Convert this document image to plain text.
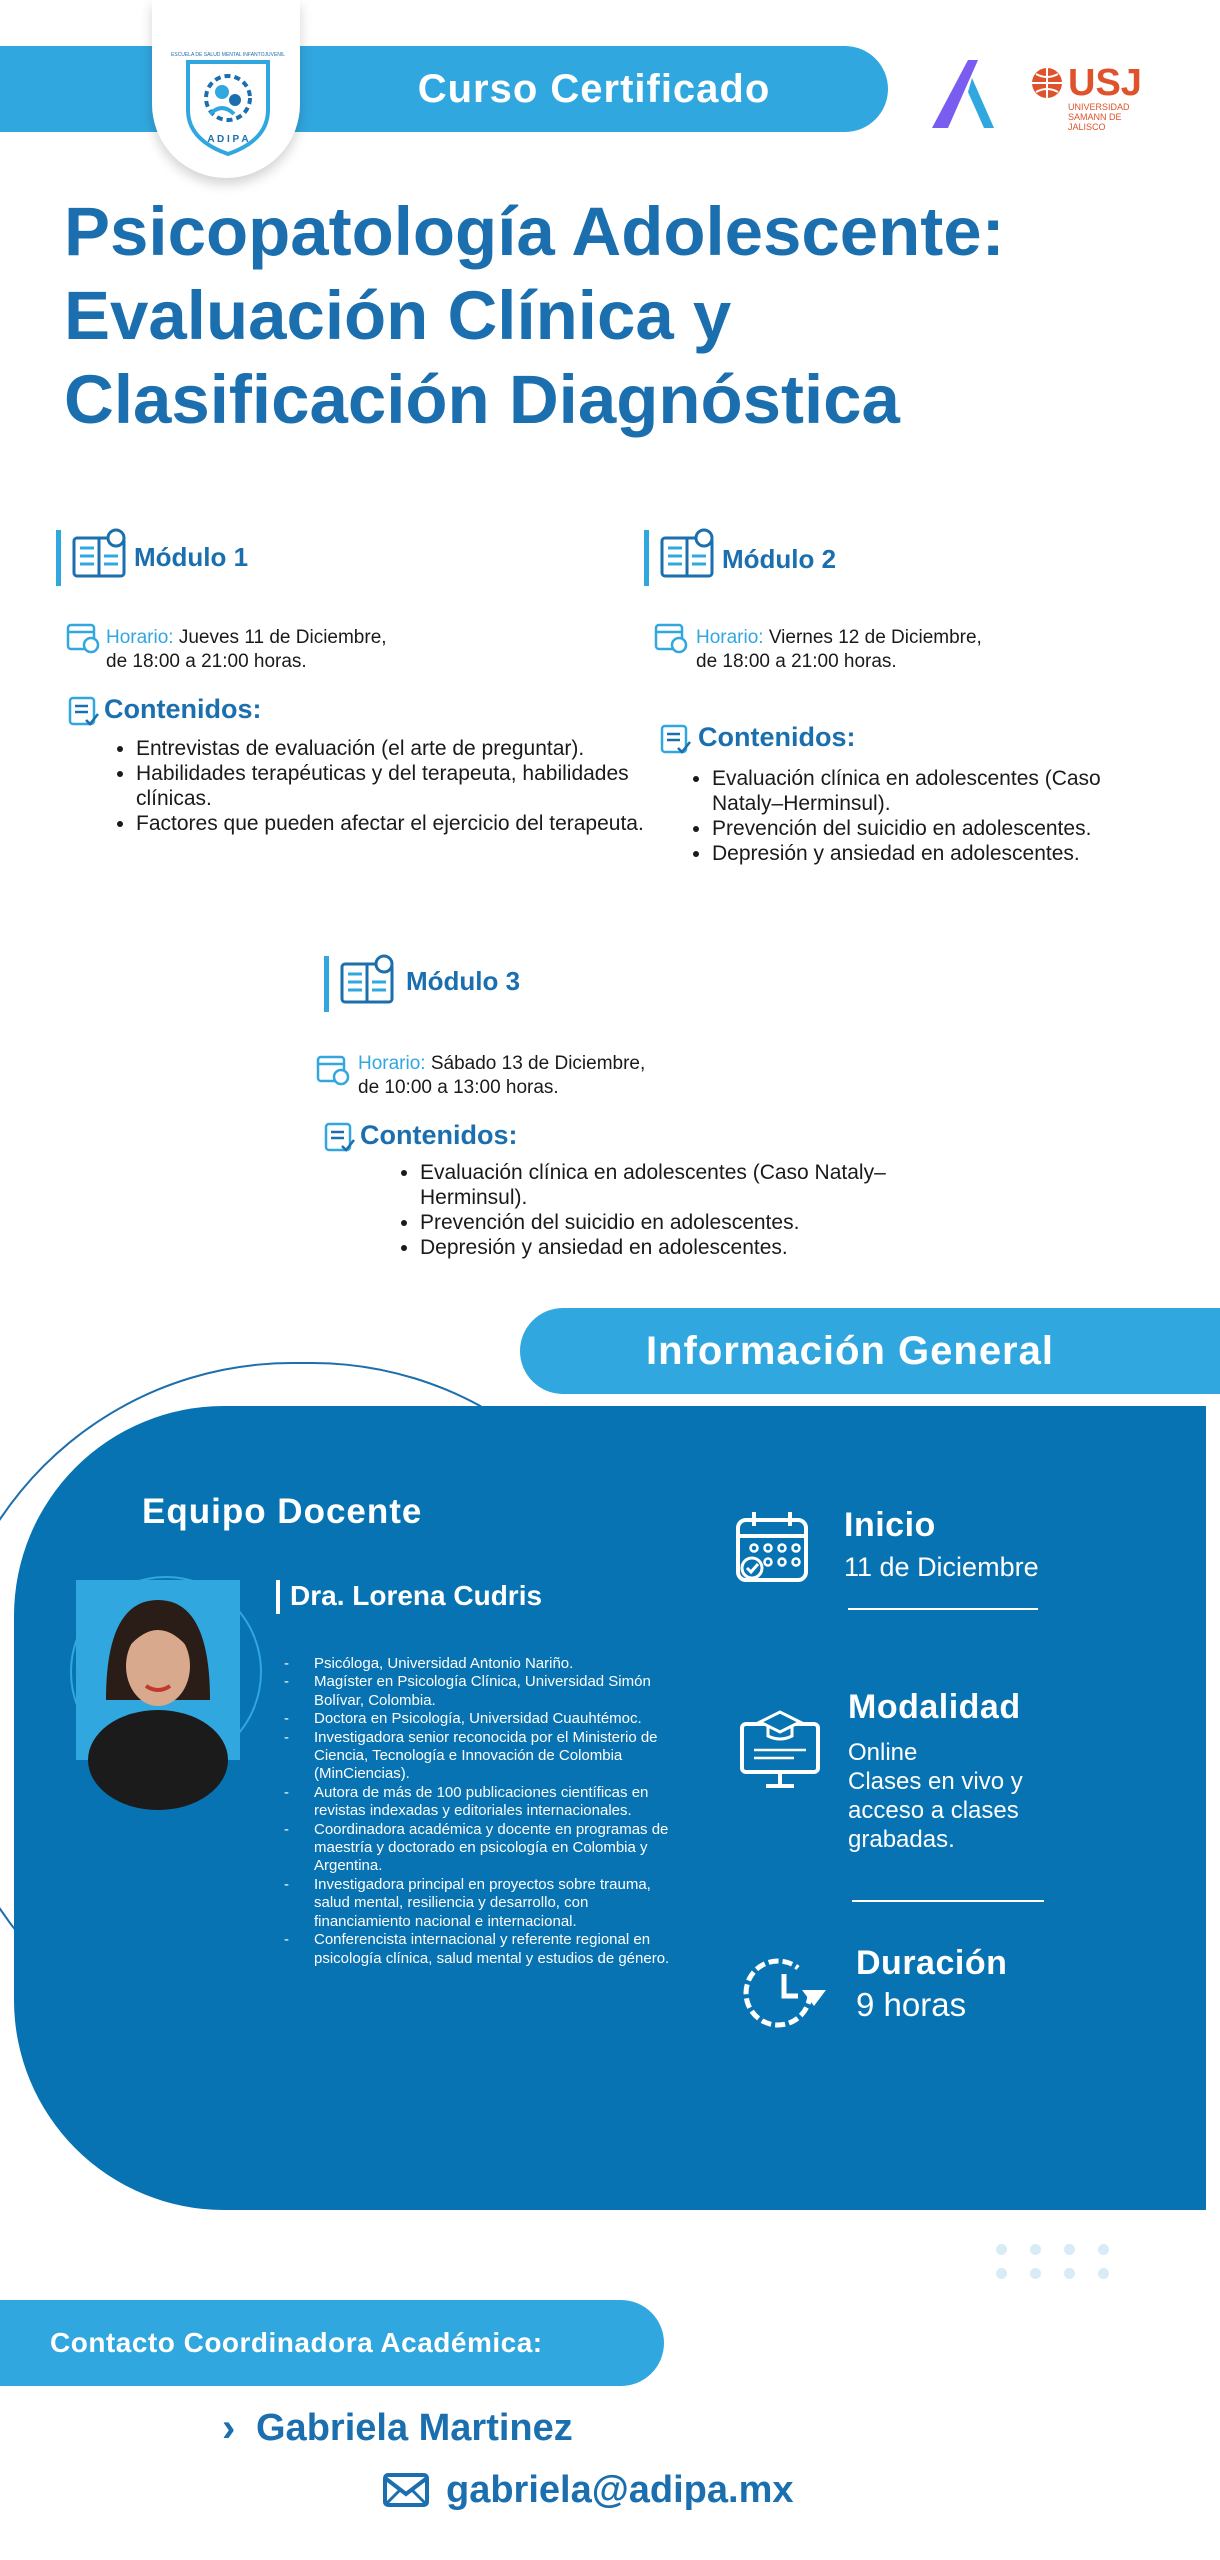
Curso Certificado
ESCUELA DE SALUD MENTAL INFANTOJUVENIL
A D I P A
USJ
UNIVERSIDAD SAMANN DE JALISCO
Psicopatología Adolescente:
Evaluación Clínica y
Clasificación Diagnóstica
Módulo 1
Horario: Jueves 11 de Diciembre,
de 18:00 a 21:00 horas.
Contenidos:
• Entrevistas de evaluación (el arte de preguntar).
• Habilidades terapéuticas y del terapeuta, habilidades clínicas.
• Factores que pueden afectar el ejercicio del terapeuta.
Módulo 2
Horario: Viernes 12 de Diciembre,
de 18:00 a 21:00 horas.
Contenidos:
• Evaluación clínica en adolescentes (Caso Nataly–Herminsul).
• Prevención del suicidio en adolescentes.
• Depresión y ansiedad en adolescentes.
Módulo 3
Horario: Sábado 13 de Diciembre,
de 10:00 a 13:00 horas.
Contenidos:
• Evaluación clínica en adolescentes (Caso Nataly–Herminsul).
• Prevención del suicidio en adolescentes.
• Depresión y ansiedad en adolescentes.
Información General
Equipo Docente
Dra. Lorena Cudris
- Psicóloga, Universidad Antonio Nariño.
- Magíster en Psicología Clínica, Universidad Simón Bolívar, Colombia.
- Doctora en Psicología, Universidad Cuauhtémoc.
- Investigadora senior reconocida por el Ministerio de Ciencia, Tecnología e Innovación de Colombia (MinCiencias).
- Autora de más de 100 publicaciones científicas en revistas indexadas y editoriales internacionales.
- Coordinadora académica y docente en programas de maestría y doctorado en psicología en Colombia y Argentina.
- Investigadora principal en proyectos sobre trauma, salud mental, resiliencia y desarrollo, con financiamiento nacional e internacional.
- Conferencista internacional y referente regional en psicología clínica, salud mental y estudios de género.
Inicio
11 de Diciembre
Modalidad
Online
Clases en vivo y
acceso a clases
grabadas.
Duración
9 horas
Contacto Coordinadora Académica:
› Gabriela Martinez
gabriela@adipa.mx
